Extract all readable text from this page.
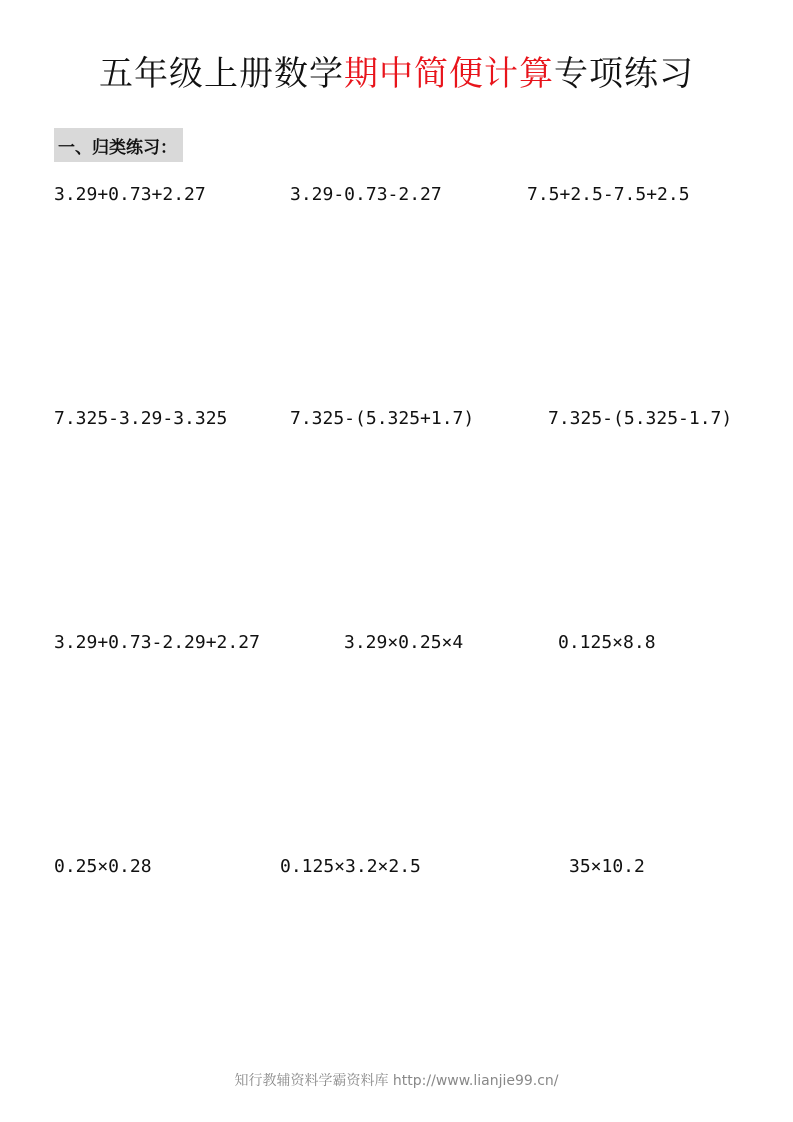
五年级上册数学期中简便计算专项练习
一、归类练习：
3.29+0.73+2.27	3.29-0.73-2.27	7.5+2.5-7.5+2.5
7.325-3.29-3.325	7.325-(5.325+1.7)	7.325-(5.325-1.7)
3.29+0.73-2.29+2.27	3.29×0.25×4	0.125×8.8
0.25×0.28	0.125×3.2×2.5	35×10.2
知行教辅资料学霸资料库 http://www.lianjie99.cn/
